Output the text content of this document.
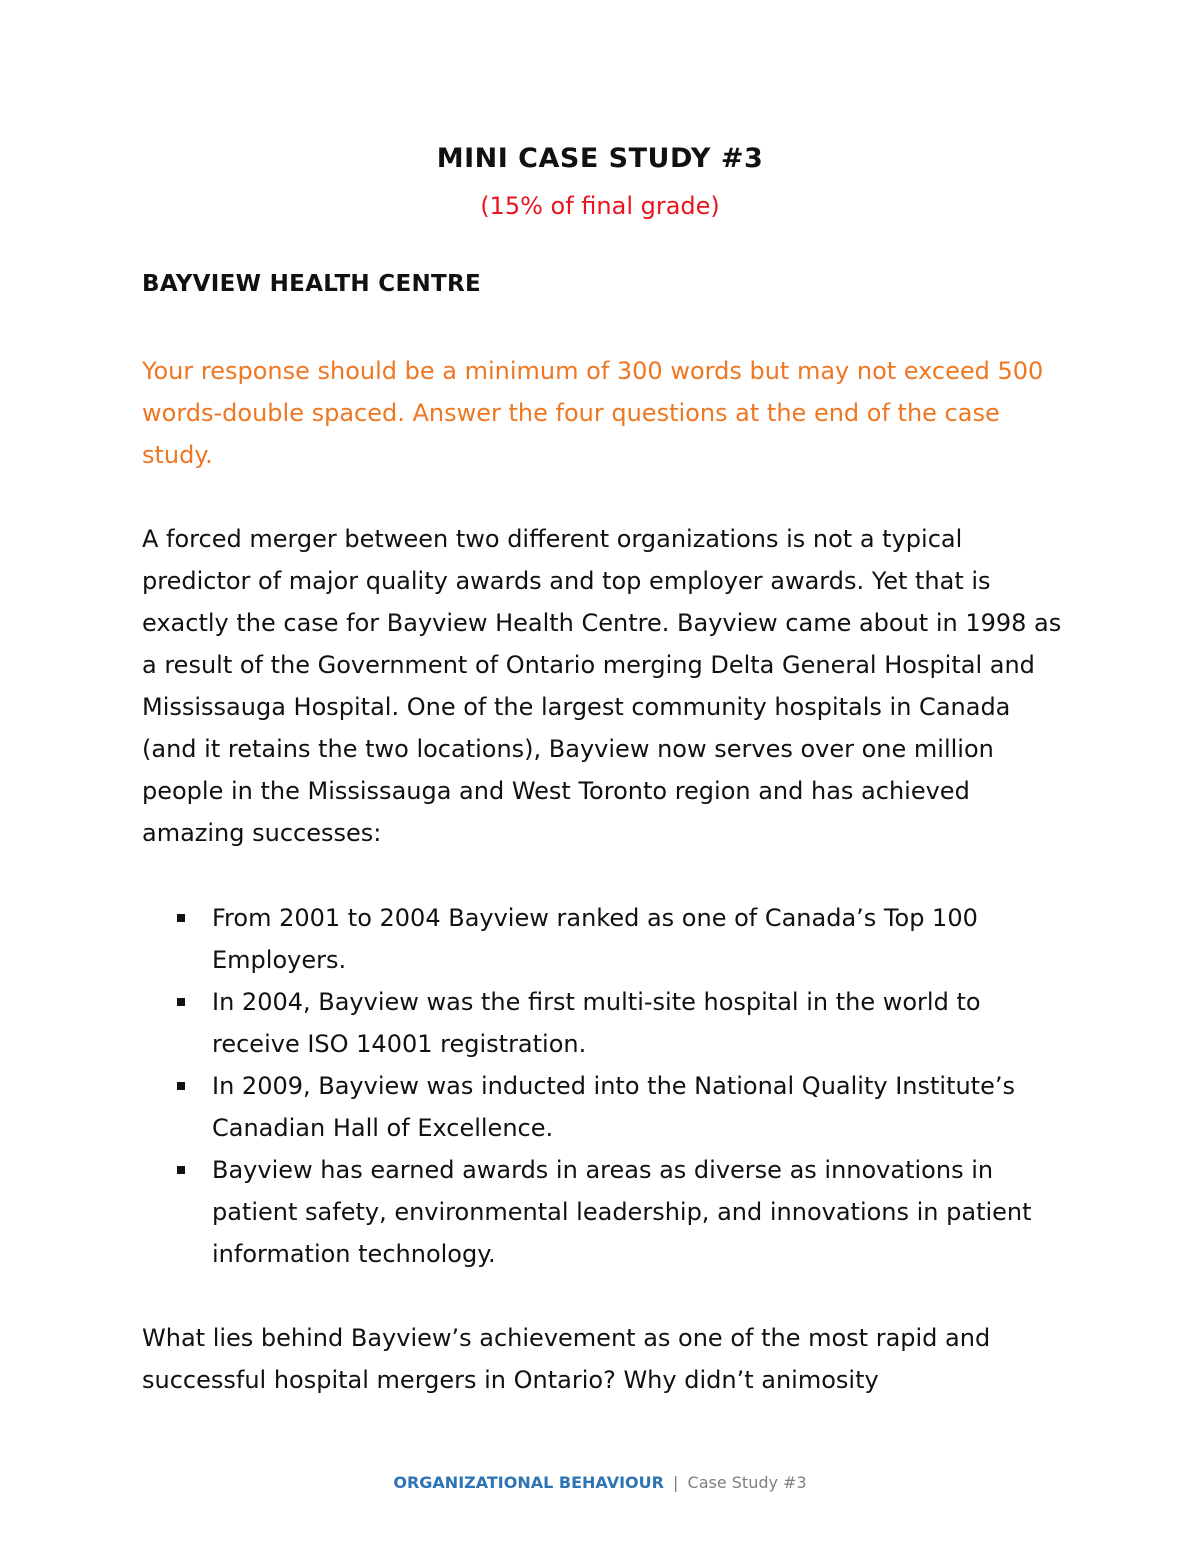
MINI CASE STUDY #3
(15% of final grade)
BAYVIEW HEALTH CENTRE
Your response should be a minimum of 300 words but may not exceed 500 words-double spaced. Answer the four questions at the end of the case study.
A forced merger between two different organizations is not a typical predictor of major quality awards and top employer awards. Yet that is exactly the case for Bayview Health Centre. Bayview came about in 1998 as a result of the Government of Ontario merging Delta General Hospital and Mississauga Hospital. One of the largest community hospitals in Canada (and it retains the two locations), Bayview now serves over one million people in the Mississauga and West Toronto region and has achieved amazing successes:
From 2001 to 2004 Bayview ranked as one of Canada’s Top 100 Employers.
In 2004, Bayview was the first multi-site hospital in the world to receive ISO 14001 registration.
In 2009, Bayview was inducted into the National Quality Institute’s Canadian Hall of Excellence.
Bayview has earned awards in areas as diverse as innovations in patient safety, environmental leadership, and innovations in patient information technology.
What lies behind Bayview’s achievement as one of the most rapid and successful hospital mergers in Ontario? Why didn’t animosity
ORGANIZATIONAL BEHAVIOUR | Case Study #3
